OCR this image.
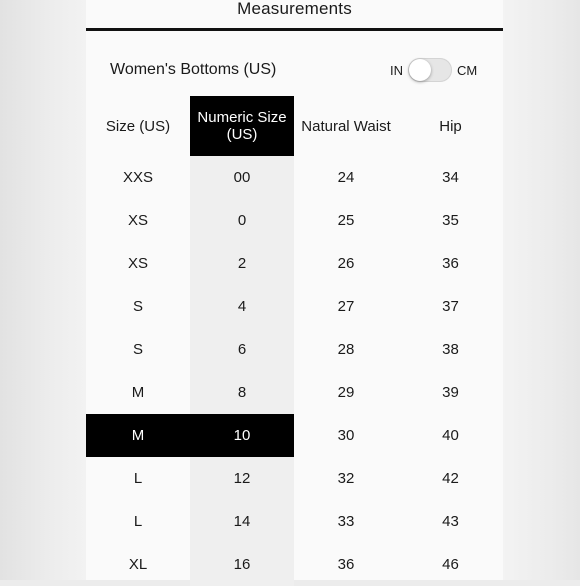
Measurements
Women's Bottoms (US)	IN	CM
Size (US)	Numeric Size (US)	Natural Waist	Hip
XXS	00	24	34
XS	0	25	35
XS	2	26	36
S	4	27	37
S	6	28	38
M	8	29	39
M	10	30	40
L	12	32	42
L	14	33	43
XL	16	36	46
